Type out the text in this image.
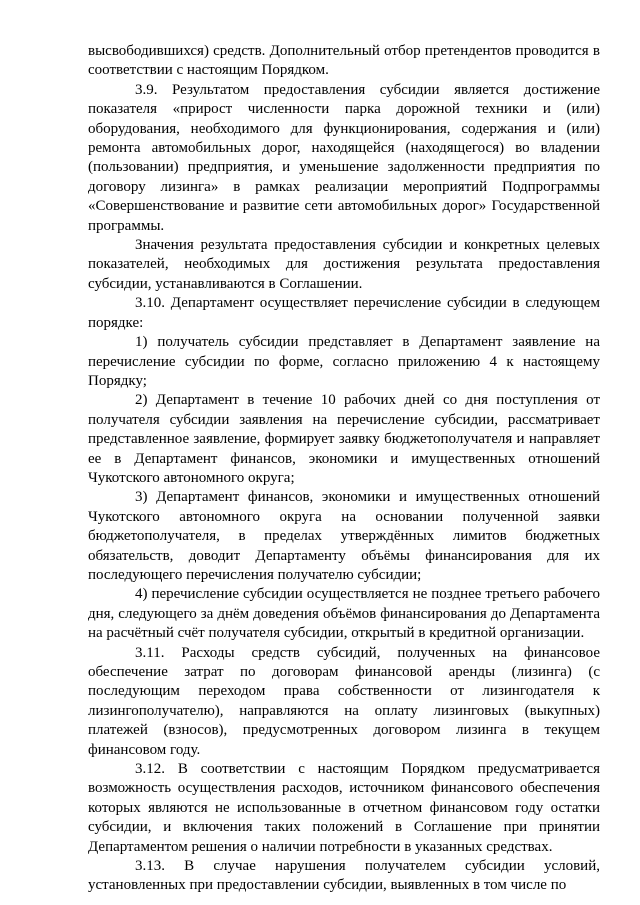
высвободившихся) средств. Дополнительный отбор претендентов проводится в соответствии с настоящим Порядком.

3.9. Результатом предоставления субсидии является достижение показателя «прирост численности парка дорожной техники и (или) оборудования, необходимого для функционирования, содержания и (или) ремонта автомобильных дорог, находящейся (находящегося) во владении (пользовании) предприятия, и уменьшение задолженности предприятия по договору лизинга» в рамках реализации мероприятий Подпрограммы «Совершенствование и развитие сети автомобильных дорог» Государственной программы.

Значения результата предоставления субсидии и конкретных целевых показателей, необходимых для достижения результата предоставления субсидии, устанавливаются в Соглашении.

3.10. Департамент осуществляет перечисление субсидии в следующем порядке:

1) получатель субсидии представляет в Департамент заявление на перечисление субсидии по форме, согласно приложению 4 к настоящему Порядку;

2) Департамент в течение 10 рабочих дней со дня поступления от получателя субсидии заявления на перечисление субсидии, рассматривает представленное заявление, формирует заявку бюджетополучателя и направляет ее в Департамент финансов, экономики и имущественных отношений Чукотского автономного округа;

3) Департамент финансов, экономики и имущественных отношений Чукотского автономного округа на основании полученной заявки бюджетополучателя, в пределах утверждённых лимитов бюджетных обязательств, доводит Департаменту объёмы финансирования для их последующего перечисления получателю субсидии;

4) перечисление субсидии осуществляется не позднее третьего рабочего дня, следующего за днём доведения объёмов финансирования до Департамента на расчётный счёт получателя субсидии, открытый в кредитной организации.

3.11. Расходы средств субсидий, полученных на финансовое обеспечение затрат по договорам финансовой аренды (лизинга) (с последующим переходом права собственности от лизингодателя к лизингополучателю), направляются на оплату лизинговых (выкупных) платежей (взносов), предусмотренных договором лизинга в текущем финансовом году.

3.12. В соответствии с настоящим Порядком предусматривается возможность осуществления расходов, источником финансового обеспечения которых являются не использованные в отчетном финансовом году остатки субсидии, и включения таких положений в Соглашение при принятии Департаментом решения о наличии потребности в указанных средствах.

3.13. В случае нарушения получателем субсидии условий, установленных при предоставлении субсидии, выявленных в том числе по
